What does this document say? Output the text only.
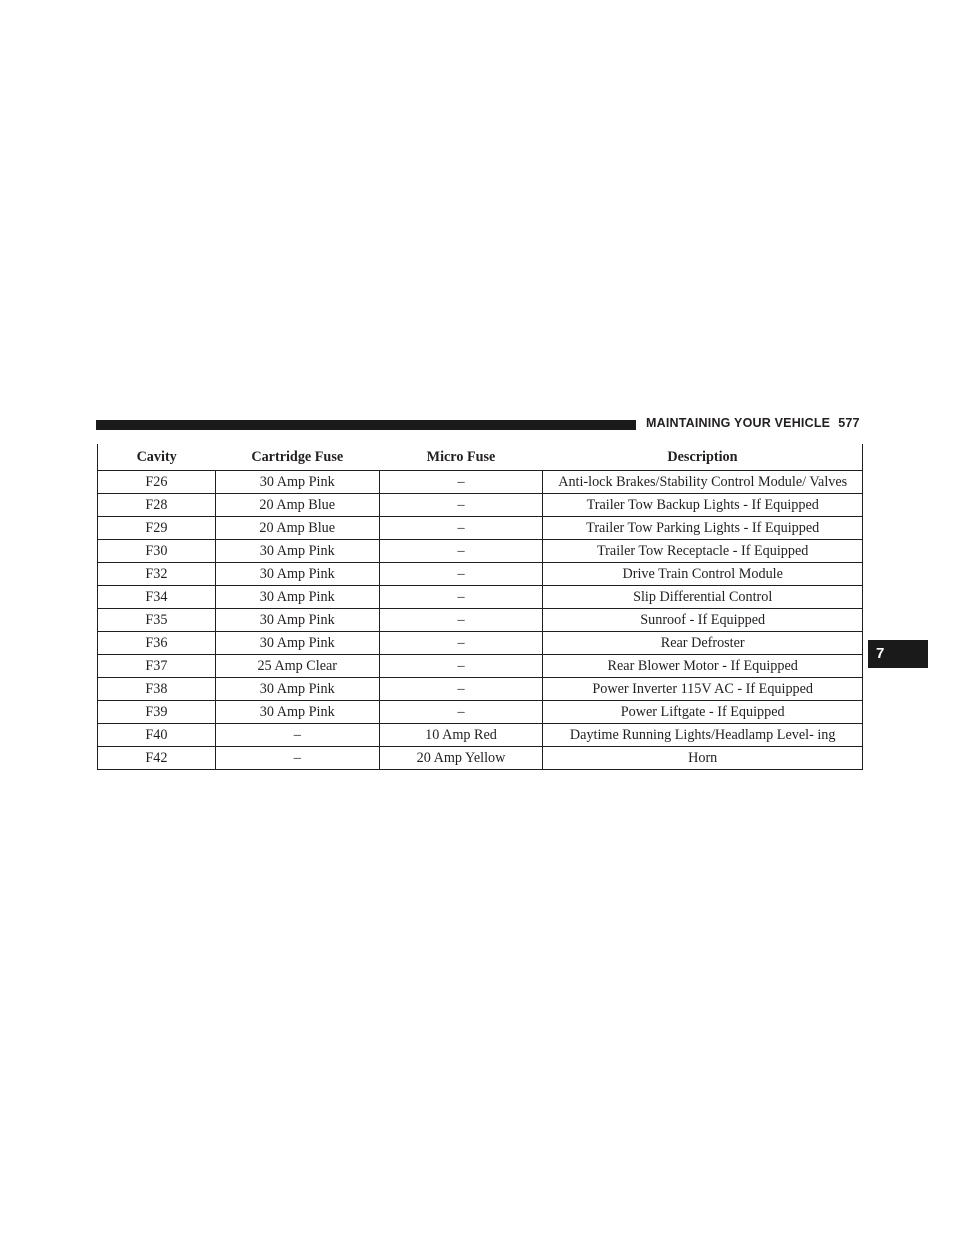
MAINTAINING YOUR VEHICLE 577
7
Cavity	Cartridge Fuse	Micro Fuse	Description
F26	30 Amp Pink	–	Anti-lock Brakes/Stability Control Module/ Valves
F28	20 Amp Blue	–	Trailer Tow Backup Lights - If Equipped
F29	20 Amp Blue	–	Trailer Tow Parking Lights - If Equipped
F30	30 Amp Pink	–	Trailer Tow Receptacle - If Equipped
F32	30 Amp Pink	–	Drive Train Control Module
F34	30 Amp Pink	–	Slip Differential Control
F35	30 Amp Pink	–	Sunroof - If Equipped
F36	30 Amp Pink	–	Rear Defroster
F37	25 Amp Clear	–	Rear Blower Motor - If Equipped
F38	30 Amp Pink	–	Power Inverter 115V AC - If Equipped
F39	30 Amp Pink	–	Power Liftgate - If Equipped
F40	–	10 Amp Red	Daytime Running Lights/Headlamp Level- ing
F42	–	20 Amp Yellow	Horn
